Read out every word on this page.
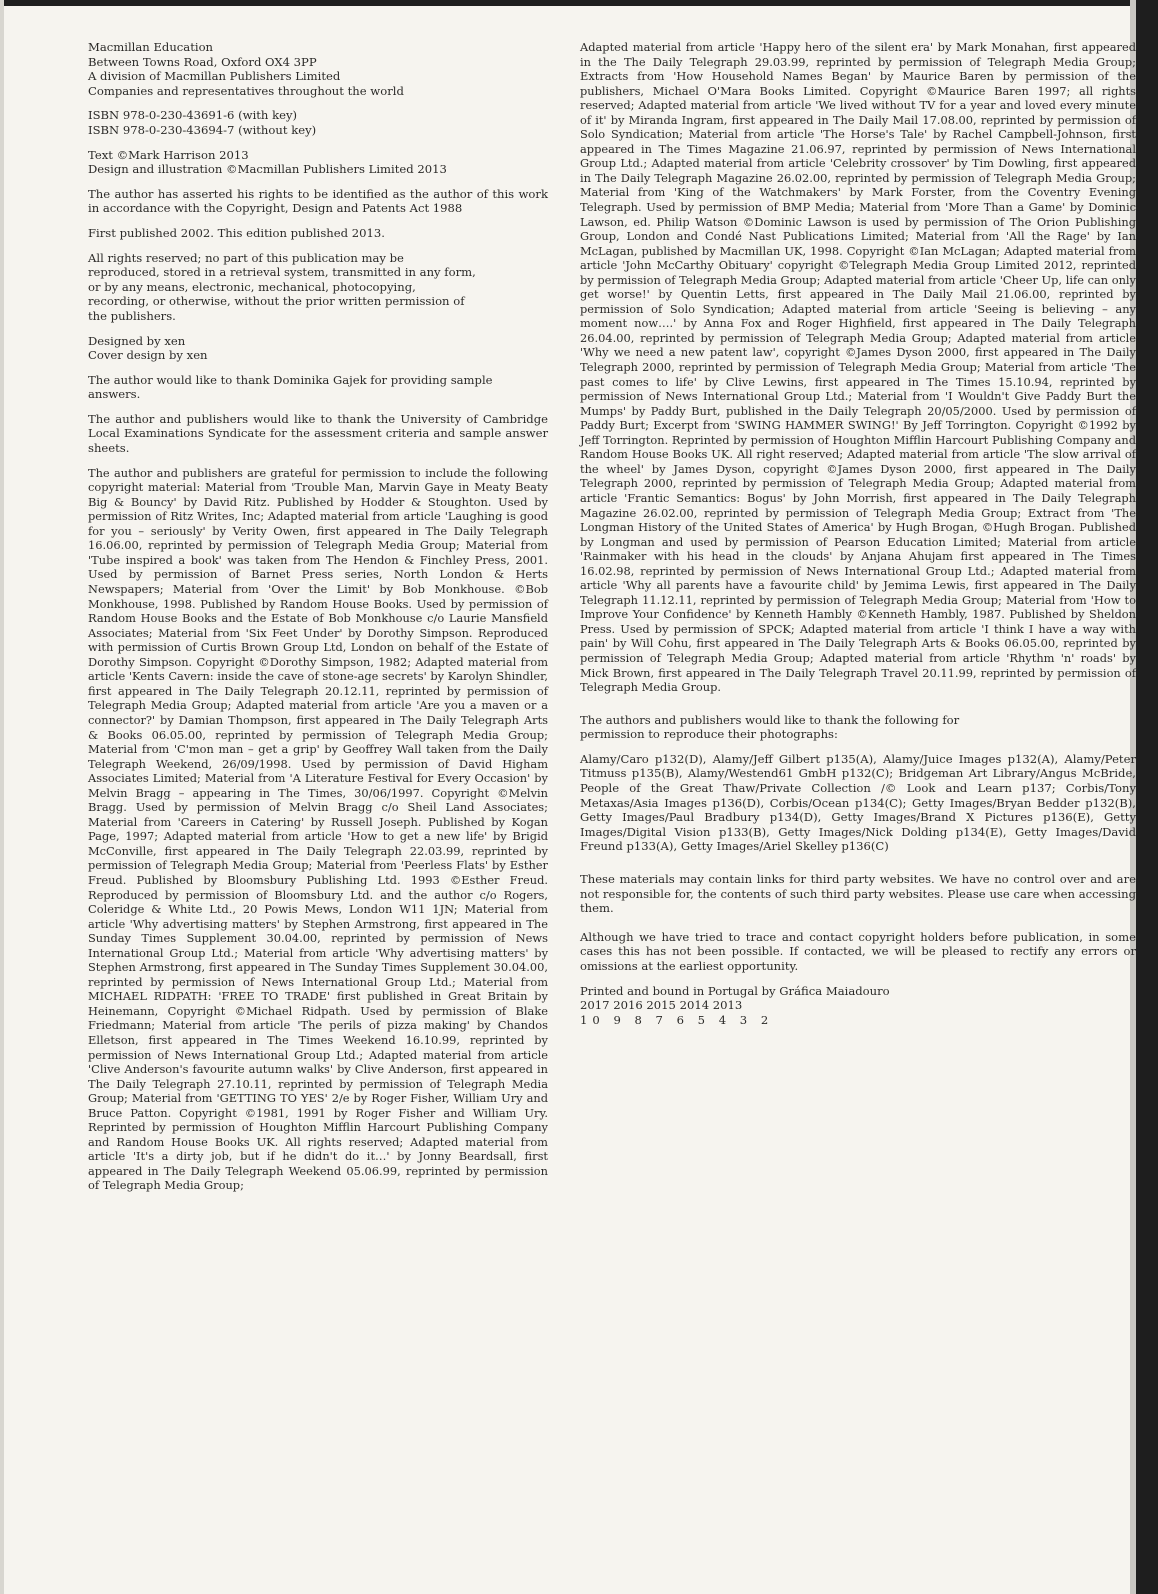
Macmillan Education
Between Towns Road, Oxford OX4 3PP
A division of Macmillan Publishers Limited
Companies and representatives throughout the world

ISBN 978-0-230-43691-6 (with key)
ISBN 978-0-230-43694-7 (without key)

Text ©Mark Harrison 2013
Design and illustration ©Macmillan Publishers Limited 2013

The author has asserted his rights to be identified as the author of this work in accordance with the Copyright, Design and Patents Act 1988

First published 2002. This edition published 2013.

All rights reserved; no part of this publication may be reproduced, stored in a retrieval system, transmitted in any form, or by any means, electronic, mechanical, photocopying, recording, or otherwise, without the prior written permission of the publishers.

Designed by xen
Cover design by xen

The author would like to thank Dominika Gajek for providing sample answers.

The author and publishers would like to thank the University of Cambridge Local Examinations Syndicate for the assessment criteria and sample answer sheets.

The author and publishers are grateful for permission to include the following copyright material: Material from 'Trouble Man, Marvin Gaye in Meaty Beaty Big & Bouncy' by David Ritz. Published by Hodder & Stoughton. Used by permission of Ritz Writes, Inc; Adapted material from article 'Laughing is good for you – seriously' by Verity Owen, first appeared in The Daily Telegraph 16.06.00, reprinted by permission of Telegraph Media Group; Material from 'Tube inspired a book' was taken from The Hendon & Finchley Press, 2001. Used by permission of Barnet Press series, North London & Herts Newspapers; Material from 'Over the Limit' by Bob Monkhouse. ©Bob Monkhouse, 1998. Published by Random House Books. Used by permission of Random House Books and the Estate of Bob Monkhouse c/o Laurie Mansfield Associates; Material from 'Six Feet Under' by Dorothy Simpson. Reproduced with permission of Curtis Brown Group Ltd, London on behalf of the Estate of Dorothy Simpson. Copyright ©Dorothy Simpson, 1982; Adapted material from article 'Kents Cavern: inside the cave of stone-age secrets' by Karolyn Shindler, first appeared in The Daily Telegraph 20.12.11, reprinted by permission of Telegraph Media Group; Adapted material from article 'Are you a maven or a connector?' by Damian Thompson, first appeared in The Daily Telegraph Arts & Books 06.05.00, reprinted by permission of Telegraph Media Group; Material from 'C'mon man – get a grip' by Geoffrey Wall taken from the Daily Telegraph Weekend, 26/09/1998. Used by permission of David Higham Associates Limited; Material from 'A Literature Festival for Every Occasion' by Melvin Bragg – appearing in The Times, 30/06/1997. Copyright ©Melvin Bragg. Used by permission of Melvin Bragg c/o Sheil Land Associates; Material from 'Careers in Catering' by Russell Joseph. Published by Kogan Page, 1997; Adapted material from article 'How to get a new life' by Brigid McConville, first appeared in The Daily Telegraph 22.03.99, reprinted by permission of Telegraph Media Group; Material from 'Peerless Flats' by Esther Freud. Published by Bloomsbury Publishing Ltd. 1993 ©Esther Freud. Reproduced by permission of Bloomsbury Ltd. and the author c/o Rogers, Coleridge & White Ltd., 20 Powis Mews, London W11 1JN; Material from article 'Why advertising matters' by Stephen Armstrong, first appeared in The Sunday Times Supplement 30.04.00, reprinted by permission of News International Group Ltd.; Material from article 'Why advertising matters' by Stephen Armstrong, first appeared in The Sunday Times Supplement 30.04.00, reprinted by permission of News International Group Ltd.; Material from MICHAEL RIDPATH: 'FREE TO TRADE' first published in Great Britain by Heinemann, Copyright ©Michael Ridpath. Used by permission of Blake Friedmann; Material from article 'The perils of pizza making' by Chandos Elletson, first appeared in The Times Weekend 16.10.99, reprinted by permission of News International Group Ltd.; Adapted material from article 'Clive Anderson's favourite autumn walks' by Clive Anderson, first appeared in The Daily Telegraph 27.10.11, reprinted by permission of Telegraph Media Group; Material from 'GETTING TO YES' 2/e by Roger Fisher, William Ury and Bruce Patton. Copyright ©1981, 1991 by Roger Fisher and William Ury. Reprinted by permission of Houghton Mifflin Harcourt Publishing Company and Random House Books UK. All rights reserved; Adapted material from article 'It's a dirty job, but if he didn't do it…' by Jonny Beardsall, first appeared in The Daily Telegraph Weekend 05.06.99, reprinted by permission of Telegraph Media Group;

Adapted material from article 'Happy hero of the silent era' by Mark Monahan, first appeared in the The Daily Telegraph 29.03.99, reprinted by permission of Telegraph Media Group; Extracts from 'How Household Names Began' by Maurice Baren by permission of the publishers, Michael O'Mara Books Limited. Copyright ©Maurice Baren 1997; all rights reserved; Adapted material from article 'We lived without TV for a year and loved every minute of it' by Miranda Ingram, first appeared in The Daily Mail 17.08.00, reprinted by permission of Solo Syndication; Material from article 'The Horse's Tale' by Rachel Campbell-Johnson, first appeared in The Times Magazine 21.06.97, reprinted by permission of News International Group Ltd.; Adapted material from article 'Celebrity crossover' by Tim Dowling, first appeared in The Daily Telegraph Magazine 26.02.00, reprinted by permission of Telegraph Media Group; Material from 'King of the Watchmakers' by Mark Forster, from the Coventry Evening Telegraph. Used by permission of BMP Media; Material from 'More Than a Game' by Dominic Lawson, ed. Philip Watson ©Dominic Lawson is used by permission of The Orion Publishing Group, London and Condé Nast Publications Limited; Material from 'All the Rage' by Ian McLagan, published by Macmillan UK, 1998. Copyright ©Ian McLagan; Adapted material from article 'John McCarthy Obituary' copyright ©Telegraph Media Group Limited 2012, reprinted by permission of Telegraph Media Group; Adapted material from article 'Cheer Up, life can only get worse!' by Quentin Letts, first appeared in The Daily Mail 21.06.00, reprinted by permission of Solo Syndication; Adapted material from article 'Seeing is believing – any moment now….' by Anna Fox and Roger Highfield, first appeared in The Daily Telegraph 26.04.00, reprinted by permission of Telegraph Media Group; Adapted material from article 'Why we need a new patent law', copyright ©James Dyson 2000, first appeared in The Daily Telegraph 2000, reprinted by permission of Telegraph Media Group; Material from article 'The past comes to life' by Clive Lewins, first appeared in The Times 15.10.94, reprinted by permission of News International Group Ltd.; Material from 'I Wouldn't Give Paddy Burt the Mumps' by Paddy Burt, published in the Daily Telegraph 20/05/2000. Used by permission of Paddy Burt; Excerpt from 'SWING HAMMER SWING!' By Jeff Torrington. Copyright ©1992 by Jeff Torrington. Reprinted by permission of Houghton Mifflin Harcourt Publishing Company and Random House Books UK. All right reserved; Adapted material from article 'The slow arrival of the wheel' by James Dyson, copyright ©James Dyson 2000, first appeared in The Daily Telegraph 2000, reprinted by permission of Telegraph Media Group; Adapted material from article 'Frantic Semantics: Bogus' by John Morrish, first appeared in The Daily Telegraph Magazine 26.02.00, reprinted by permission of Telegraph Media Group; Extract from 'The Longman History of the United States of America' by Hugh Brogan, ©Hugh Brogan. Published by Longman and used by permission of Pearson Education Limited; Material from article 'Rainmaker with his head in the clouds' by Anjana Ahujam first appeared in The Times 16.02.98, reprinted by permission of News International Group Ltd.; Adapted material from article 'Why all parents have a favourite child' by Jemima Lewis, first appeared in The Daily Telegraph 11.12.11, reprinted by permission of Telegraph Media Group; Material from 'How to Improve Your Confidence' by Kenneth Hambly ©Kenneth Hambly, 1987. Published by Sheldon Press. Used by permission of SPCK; Adapted material from article 'I think I have a way with pain' by Will Cohu, first appeared in The Daily Telegraph Arts & Books 06.05.00, reprinted by permission of Telegraph Media Group; Adapted material from article 'Rhythm 'n' roads' by Mick Brown, first appeared in The Daily Telegraph Travel 20.11.99, reprinted by permission of Telegraph Media Group.

The authors and publishers would like to thank the following for permission to reproduce their photographs:

Alamy/Caro p132(D), Alamy/Jeff Gilbert p135(A), Alamy/Juice Images p132(A), Alamy/Peter Titmuss p135(B), Alamy/Westend61 GmbH p132(C); Bridgeman Art Library/Angus McBride, People of the Great Thaw/Private Collection /© Look and Learn p137; Corbis/Tony Metaxas/Asia Images p136(D), Corbis/Ocean p134(C); Getty Images/Bryan Bedder p132(B), Getty Images/Paul Bradbury p134(D), Getty Images/Brand X Pictures p136(E), Getty Images/Digital Vision p133(B), Getty Images/Nick Dolding p134(E), Getty Images/David Freund p133(A), Getty Images/Ariel Skelley p136(C)

These materials may contain links for third party websites. We have no control over and are not responsible for, the contents of such third party websites. Please use care when accessing them.

Although we have tried to trace and contact copyright holders before publication, in some cases this has not been possible. If contacted, we will be pleased to rectify any errors or omissions at the earliest opportunity.

Printed and bound in Portugal by Gráfica Maiadouro
2017 2016 2015 2014 2013
10 9 8 7 6 5 4 3 2
